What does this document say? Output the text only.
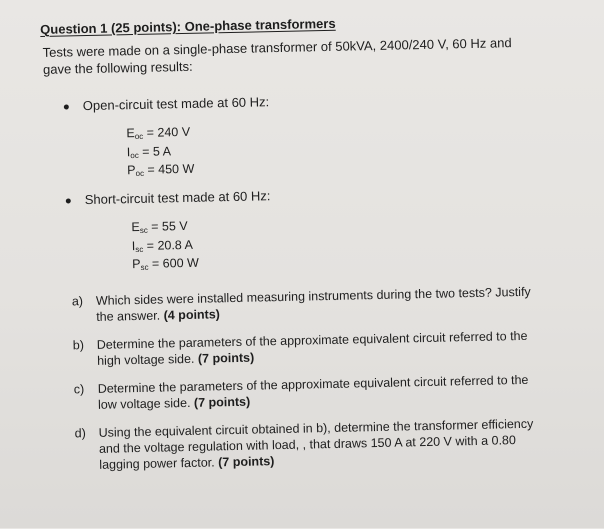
Question 1 (25 points): One-phase transformers
Tests were made on a single-phase transformer of 50kVA, 2400/240 V, 60 Hz and
gave the following results:
Open-circuit test made at 60 Hz:
$E_{oc} = 240$ V
$I_{oc} = 5$ A
$P_{oc} = 450$ W
Short-circuit test made at 60 Hz:
$E_{sc} = 55$ V
$I_{sc} = 20.8$ A
$P_{sc} = 600$ W
a) Which sides were installed measuring instruments during the two tests? Justify
the answer. (4 points)
b) Determine the parameters of the approximate equivalent circuit referred to the
high voltage side. (7 points)
c) Determine the parameters of the approximate equivalent circuit referred to the
low voltage side. (7 points)
d) Using the equivalent circuit obtained in b), determine the transformer efficiency
and the voltage regulation with load, , that draws 150 A at 220 V with a 0.80
lagging power factor. (7 points)
